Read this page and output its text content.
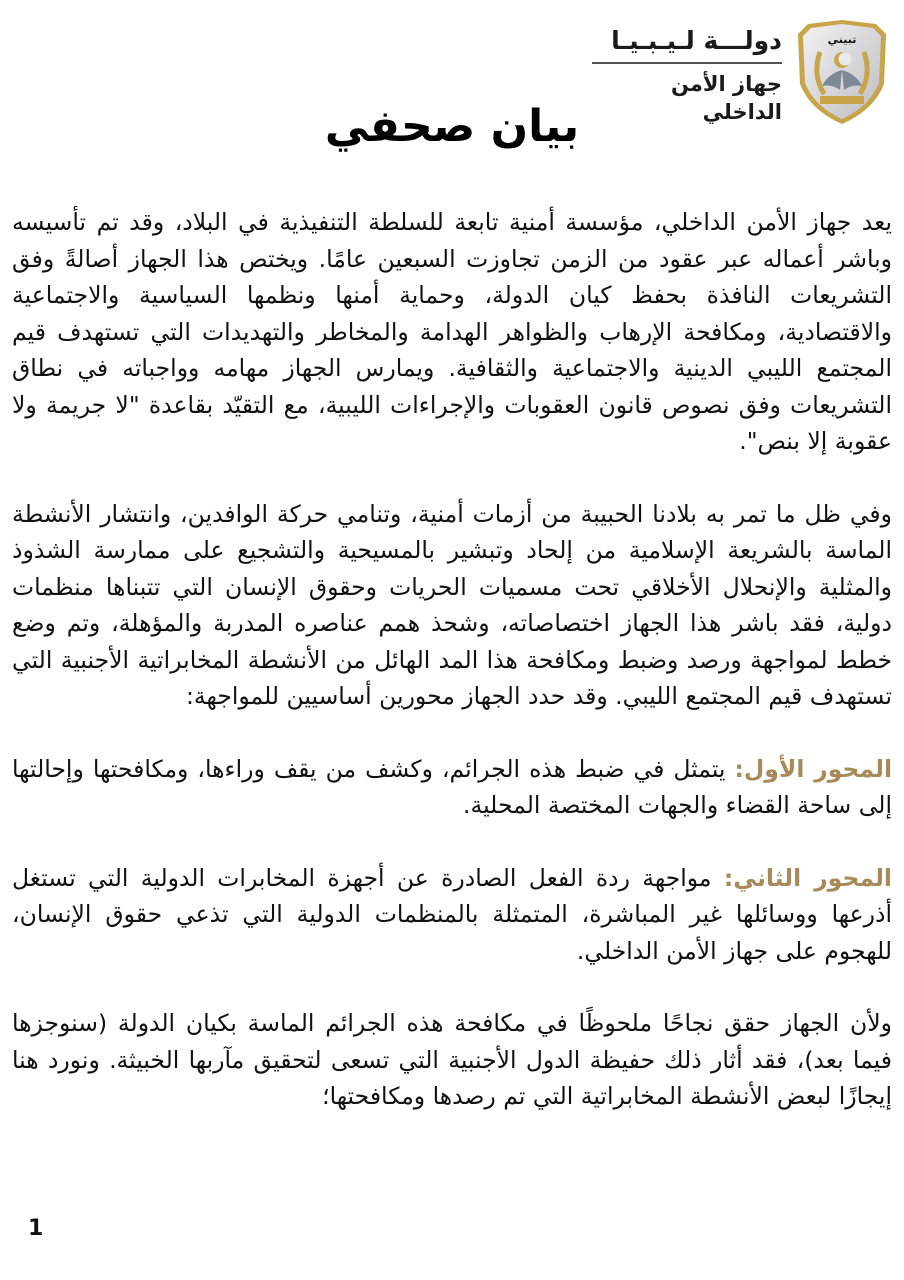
تبيني
دولـــة لـيـبـيـا
جهاز الأمن الداخلي
بيان صحفي

يعد جهاز الأمن الداخلي، مؤسسة أمنية تابعة للسلطة التنفيذية في البلاد، وقد تم تأسيسه وباشر أعماله عبر عقود من الزمن تجاوزت السبعين عامًا. ويختص هذا الجهاز أصالةً وفق التشريعات النافذة بحفظ كيان الدولة، وحماية أمنها ونظمها السياسية والاجتماعية والاقتصادية، ومكافحة الإرهاب والظواهر الهدامة والمخاطر والتهديدات التي تستهدف قيم المجتمع الليبي الدينية والاجتماعية والثقافية. ويمارس الجهاز مهامه وواجباته في نطاق التشريعات وفق نصوص قانون العقوبات والإجراءات الليبية، مع التقيّد بقاعدة "لا جريمة ولا عقوبة إلا بنص".

وفي ظل ما تمر به بلادنا الحبيبة من أزمات أمنية، وتنامي حركة الوافدين، وانتشار الأنشطة الماسة بالشريعة الإسلامية من إلحاد وتبشير بالمسيحية والتشجيع على ممارسة الشذوذ والمثلية والإنحلال الأخلاقي تحت مسميات الحريات وحقوق الإنسان التي تتبناها منظمات دولية، فقد باشر هذا الجهاز اختصاصاته، وشحذ همم عناصره المدربة والمؤهلة، وتم وضع خطط لمواجهة ورصد وضبط ومكافحة هذا المد الهائل من الأنشطة المخابراتية الأجنبية التي تستهدف قيم المجتمع الليبي. وقد حدد الجهاز محورين أساسيين للمواجهة:

المحور الأول: يتمثل في ضبط هذه الجرائم، وكشف من يقف وراءها، ومكافحتها وإحالتها إلى ساحة القضاء والجهات المختصة المحلية.

المحور الثاني: مواجهة ردة الفعل الصادرة عن أجهزة المخابرات الدولية التي تستغل أذرعها ووسائلها غير المباشرة، المتمثلة بالمنظمات الدولية التي تذعي حقوق الإنسان، للهجوم على جهاز الأمن الداخلي.

ولأن الجهاز حقق نجاحًا ملحوظًا في مكافحة هذه الجرائم الماسة بكيان الدولة (سنوجزها فيما بعد)، فقد أثار ذلك حفيظة الدول الأجنبية التي تسعى لتحقيق مآربها الخبيثة. ونورد هنا إيجازًا لبعض الأنشطة المخابراتية التي تم رصدها ومكافحتها؛

1
